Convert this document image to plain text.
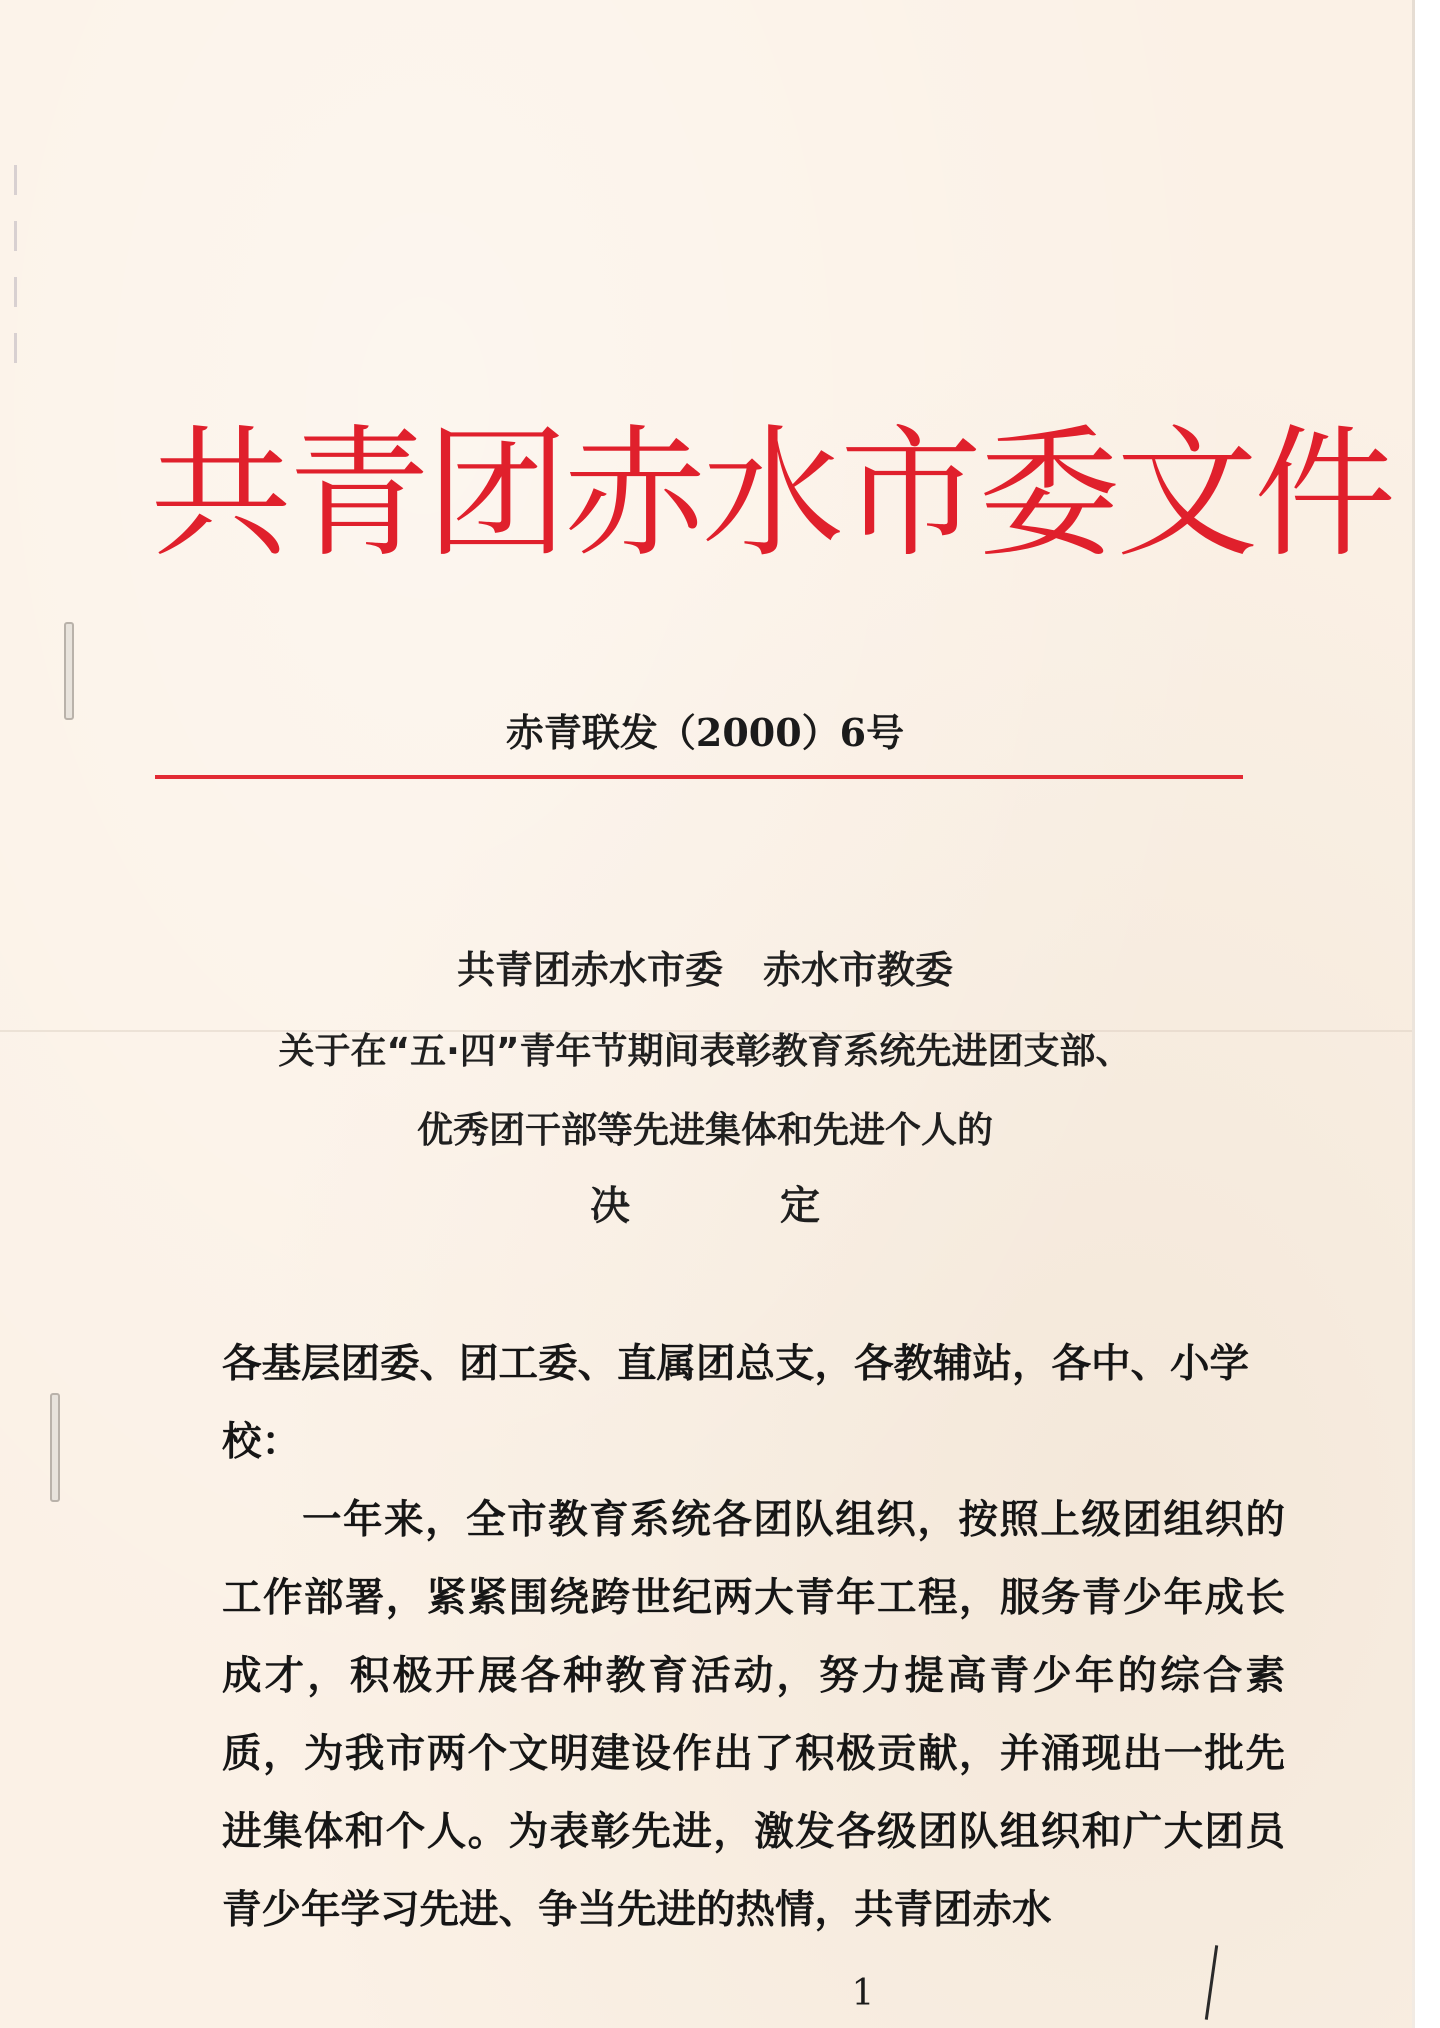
共青团赤水市委文件
赤青联发（2000）6号
共青团赤水市委 赤水市教委
关于在“五·四”青年节期间表彰教育系统先进团支部、
优秀团干部等先进集体和先进个人的
决定

各基层团委、团工委、直属团总支，各教辅站，各中、小学校：

一年来，全市教育系统各团队组织，按照上级团组织的工作部署，紧紧围绕跨世纪两大青年工程，服务青少年成长成才，积极开展各种教育活动，努力提高青少年的综合素质，为我市两个文明建设作出了积极贡献，并涌现出一批先进集体和个人。为表彰先进，激发各级团队组织和广大团员青少年学习先进、争当先进的热情，共青团赤水

1
